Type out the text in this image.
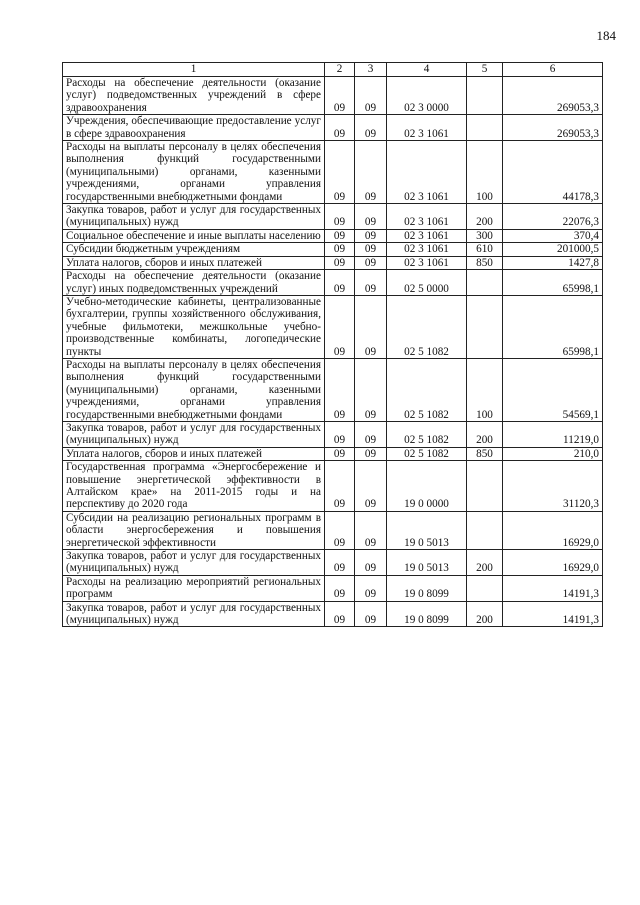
184
1	2	3	4	5	6
Расходы на обеспечение деятельности (оказание услуг) подведомственных учреждений в сфере здравоохранения	09	09	02 3 0000		269053,3
Учреждения, обеспечивающие предоставление услуг в сфере здравоохранения	09	09	02 3 1061		269053,3
Расходы на выплаты персоналу в целях обеспечения выполнения функций государственными (муниципальными) органами, казенными учреждениями, органами управления государственными внебюджетными фондами	09	09	02 3 1061	100	44178,3
Закупка товаров, работ и услуг для государственных (муниципальных) нужд	09	09	02 3 1061	200	22076,3
Социальное обеспечение и иные выплаты населению	09	09	02 3 1061	300	370,4
Субсидии бюджетным учреждениям	09	09	02 3 1061	610	201000,5
Уплата налогов, сборов и иных платежей	09	09	02 3 1061	850	1427,8
Расходы на обеспечение деятельности (оказание услуг) иных подведомственных учреждений	09	09	02 5 0000		65998,1
Учебно-методические кабинеты, централизованные бухгалтерии, группы хозяйственного обслуживания, учебные фильмотеки, межшкольные учебно-производственные комбинаты, логопедические пункты	09	09	02 5 1082		65998,1
Расходы на выплаты персоналу в целях обеспечения выполнения функций государственными (муниципальными) органами, казенными учреждениями, органами управления государственными внебюджетными фондами	09	09	02 5 1082	100	54569,1
Закупка товаров, работ и услуг для государственных (муниципальных) нужд	09	09	02 5 1082	200	11219,0
Уплата налогов, сборов и иных платежей	09	09	02 5 1082	850	210,0
Государственная программа «Энергосбережение и повышение энергетической эффективности в Алтайском крае» на 2011-2015 годы и на перспективу до 2020 года	09	09	19 0 0000		31120,3
Субсидии на реализацию региональных программ в области энергосбережения и повышения энергетической эффективности	09	09	19 0 5013		16929,0
Закупка товаров, работ и услуг для государственных (муниципальных) нужд	09	09	19 0 5013	200	16929,0
Расходы на реализацию мероприятий региональных программ	09	09	19 0 8099		14191,3
Закупка товаров, работ и услуг для государственных (муниципальных) нужд	09	09	19 0 8099	200	14191,3
